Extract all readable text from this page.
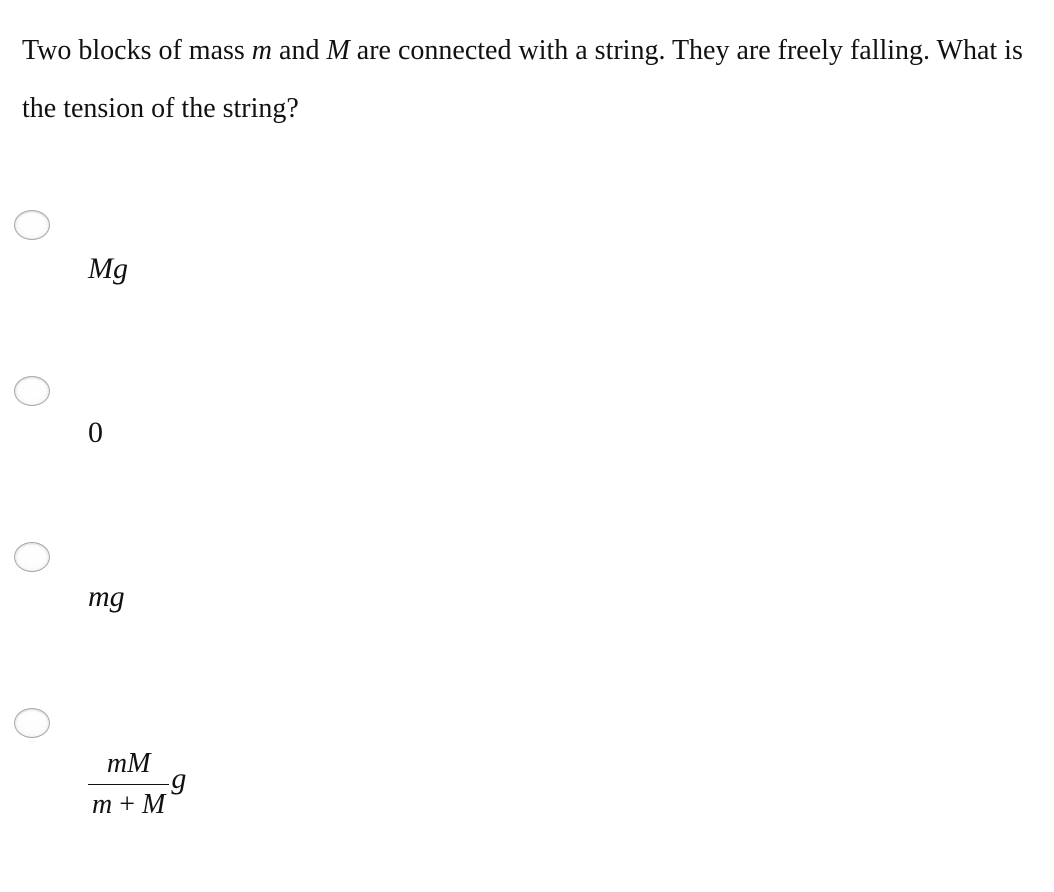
Two blocks of mass m and M are connected with a string. They are freely falling. What is the tension of the string?
Mg
0
mg
$\frac{mM}{m + M}$ g
